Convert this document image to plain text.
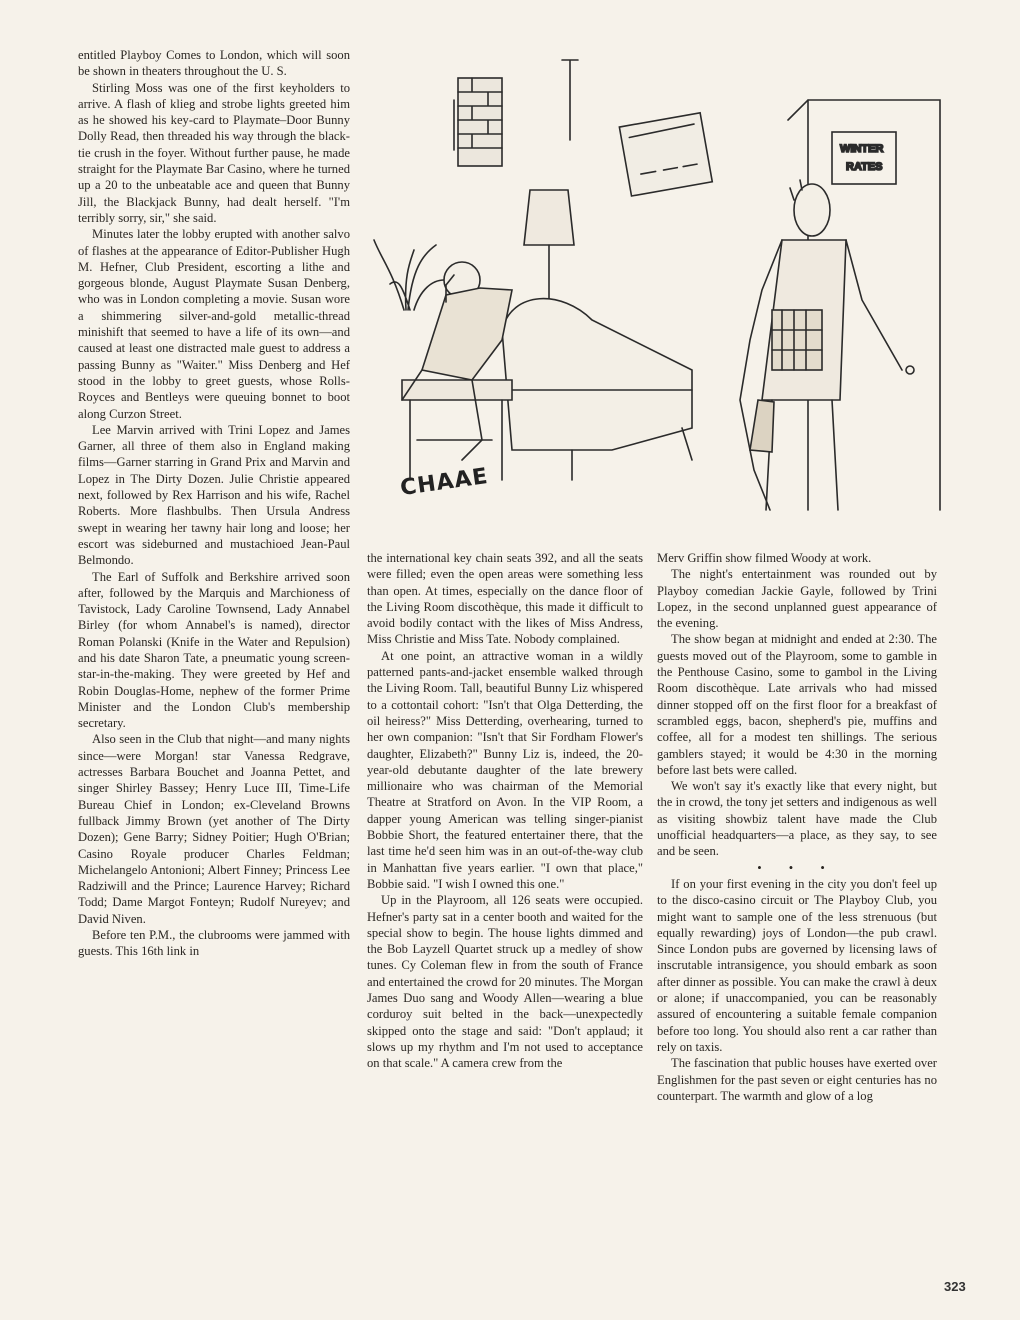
entitled Playboy Comes to London, which will soon be shown in theaters throughout the U. S.

Stirling Moss was one of the first keyholders to arrive. A flash of klieg and strobe lights greeted him as he showed his key-card to Playmate–Door Bunny Dolly Read, then threaded his way through the black-tie crush in the foyer. Without further pause, he made straight for the Playmate Bar Casino, where he turned up a 20 to the unbeatable ace and queen that Bunny Jill, the Blackjack Bunny, had dealt herself. "I'm terribly sorry, sir," she said.

Minutes later the lobby erupted with another salvo of flashes at the appearance of Editor-Publisher Hugh M. Hefner, Club President, escorting a lithe and gorgeous blonde, August Playmate Susan Denberg, who was in London completing a movie. Susan wore a shimmering silver-and-gold metallic-thread minishift that seemed to have a life of its own—and caused at least one distracted male guest to address a passing Bunny as "Waiter." Miss Denberg and Hef stood in the lobby to greet guests, whose Rolls-Royces and Bentleys were queuing bonnet to boot along Curzon Street.

Lee Marvin arrived with Trini Lopez and James Garner, all three of them also in England making films—Garner starring in Grand Prix and Marvin and Lopez in The Dirty Dozen. Julie Christie appeared next, followed by Rex Harrison and his wife, Rachel Roberts. More flashbulbs. Then Ursula Andress swept in wearing her tawny hair long and loose; her escort was sideburned and mustachioed Jean-Paul Belmondo.

The Earl of Suffolk and Berkshire arrived soon after, followed by the Marquis and Marchioness of Tavistock, Lady Caroline Townsend, Lady Annabel Birley (for whom Annabel's is named), director Roman Polanski (Knife in the Water and Repulsion) and his date Sharon Tate, a pneumatic young screen-star-in-the-making. They were greeted by Hef and Robin Douglas-Home, nephew of the former Prime Minister and the London Club's membership secretary.

Also seen in the Club that night—and many nights since—were Morgan! star Vanessa Redgrave, actresses Barbara Bouchet and Joanna Pettet, and singer Shirley Bassey; Henry Luce III, Time-Life Bureau Chief in London; ex-Cleveland Browns fullback Jimmy Brown (yet another of The Dirty Dozen); Gene Barry; Sidney Poitier; Hugh O'Brian; Casino Royale producer Charles Feldman; Michelangelo Antonioni; Albert Finney; Princess Lee Radziwill and the Prince; Laurence Harvey; Richard Todd; Dame Margot Fonteyn; Rudolf Nureyev; and David Niven.

Before ten P.M., the clubrooms were jammed with guests. This 16th link in

WINTER
RATES
CHAAE

the international key chain seats 392, and all the seats were filled; even the open areas were something less than open. At times, especially on the dance floor of the Living Room discothèque, this made it difficult to avoid bodily contact with the likes of Miss Andress, Miss Christie and Miss Tate. Nobody complained.

At one point, an attractive woman in a wildly patterned pants-and-jacket ensemble walked through the Living Room. Tall, beautiful Bunny Liz whispered to a cottontail cohort: "Isn't that Olga Detterding, the oil heiress?" Miss Detterding, overhearing, turned to her own companion: "Isn't that Sir Fordham Flower's daughter, Elizabeth?" Bunny Liz is, indeed, the 20-year-old debutante daughter of the late brewery millionaire who was chairman of the Memorial Theatre at Stratford on Avon. In the VIP Room, a dapper young American was telling singer-pianist Bobbie Short, the featured entertainer there, that the last time he'd seen him was in an out-of-the-way club in Manhattan five years earlier. "I own that place," Bobbie said. "I wish I owned this one."

Up in the Playroom, all 126 seats were occupied. Hefner's party sat in a center booth and waited for the special show to begin. The house lights dimmed and the Bob Layzell Quartet struck up a medley of show tunes. Cy Coleman flew in from the south of France and entertained the crowd for 20 minutes. The Morgan James Duo sang and Woody Allen—wearing a blue corduroy suit belted in the back—unexpectedly skipped onto the stage and said: "Don't applaud; it slows up my rhythm and I'm not used to acceptance on that scale." A camera crew from the

Merv Griffin show filmed Woody at work.

The night's entertainment was rounded out by Playboy comedian Jackie Gayle, followed by Trini Lopez, in the second unplanned guest appearance of the evening.

The show began at midnight and ended at 2:30. The guests moved out of the Playroom, some to gamble in the Penthouse Casino, some to gambol in the Living Room discothèque. Late arrivals who had missed dinner stopped off on the first floor for a breakfast of scrambled eggs, bacon, shepherd's pie, muffins and coffee, all for a modest ten shillings. The serious gamblers stayed; it would be 4:30 in the morning before last bets were called.

We won't say it's exactly like that every night, but the in crowd, the tony jet setters and indigenous as well as visiting showbiz talent have made the Club unofficial headquarters—a place, as they say, to see and be seen.

• • •

If on your first evening in the city you don't feel up to the disco-casino circuit or The Playboy Club, you might want to sample one of the less strenuous (but equally rewarding) joys of London—the pub crawl. Since London pubs are governed by licensing laws of inscrutable intransigence, you should embark as soon after dinner as possible. You can make the crawl à deux or alone; if unaccompanied, you can be reasonably assured of encountering a suitable female companion before too long. You should also rent a car rather than rely on taxis.

The fascination that public houses have exerted over Englishmen for the past seven or eight centuries has no counterpart. The warmth and glow of a log

323
